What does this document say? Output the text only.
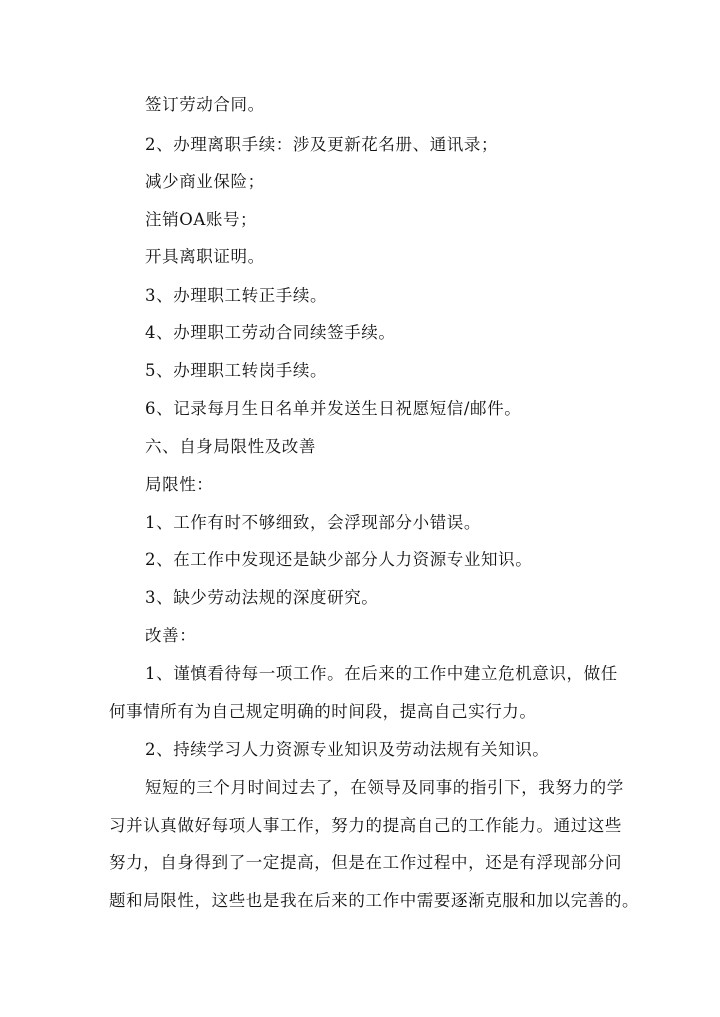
签订劳动合同。
2、办理离职手续：涉及更新花名册、通讯录；
减少商业保险；
注销OA账号；
开具离职证明。
3、办理职工转正手续。
4、办理职工劳动合同续签手续。
5、办理职工转岗手续。
6、记录每月生日名单并发送生日祝愿短信/邮件。
六、自身局限性及改善
局限性：
1、工作有时不够细致，会浮现部分小错误。
2、在工作中发现还是缺少部分人力资源专业知识。
3、缺少劳动法规的深度研究。
改善：
1、谨慎看待每一项工作。在后来的工作中建立危机意识，做任
何事情所有为自己规定明确的时间段，提高自己实行力。
2、持续学习人力资源专业知识及劳动法规有关知识。
短短的三个月时间过去了，在领导及同事的指引下，我努力的学
习并认真做好每项人事工作，努力的提高自己的工作能力。通过这些
努力，自身得到了一定提高，但是在工作过程中，还是有浮现部分问
题和局限性，这些也是我在后来的工作中需要逐渐克服和加以完善的。
